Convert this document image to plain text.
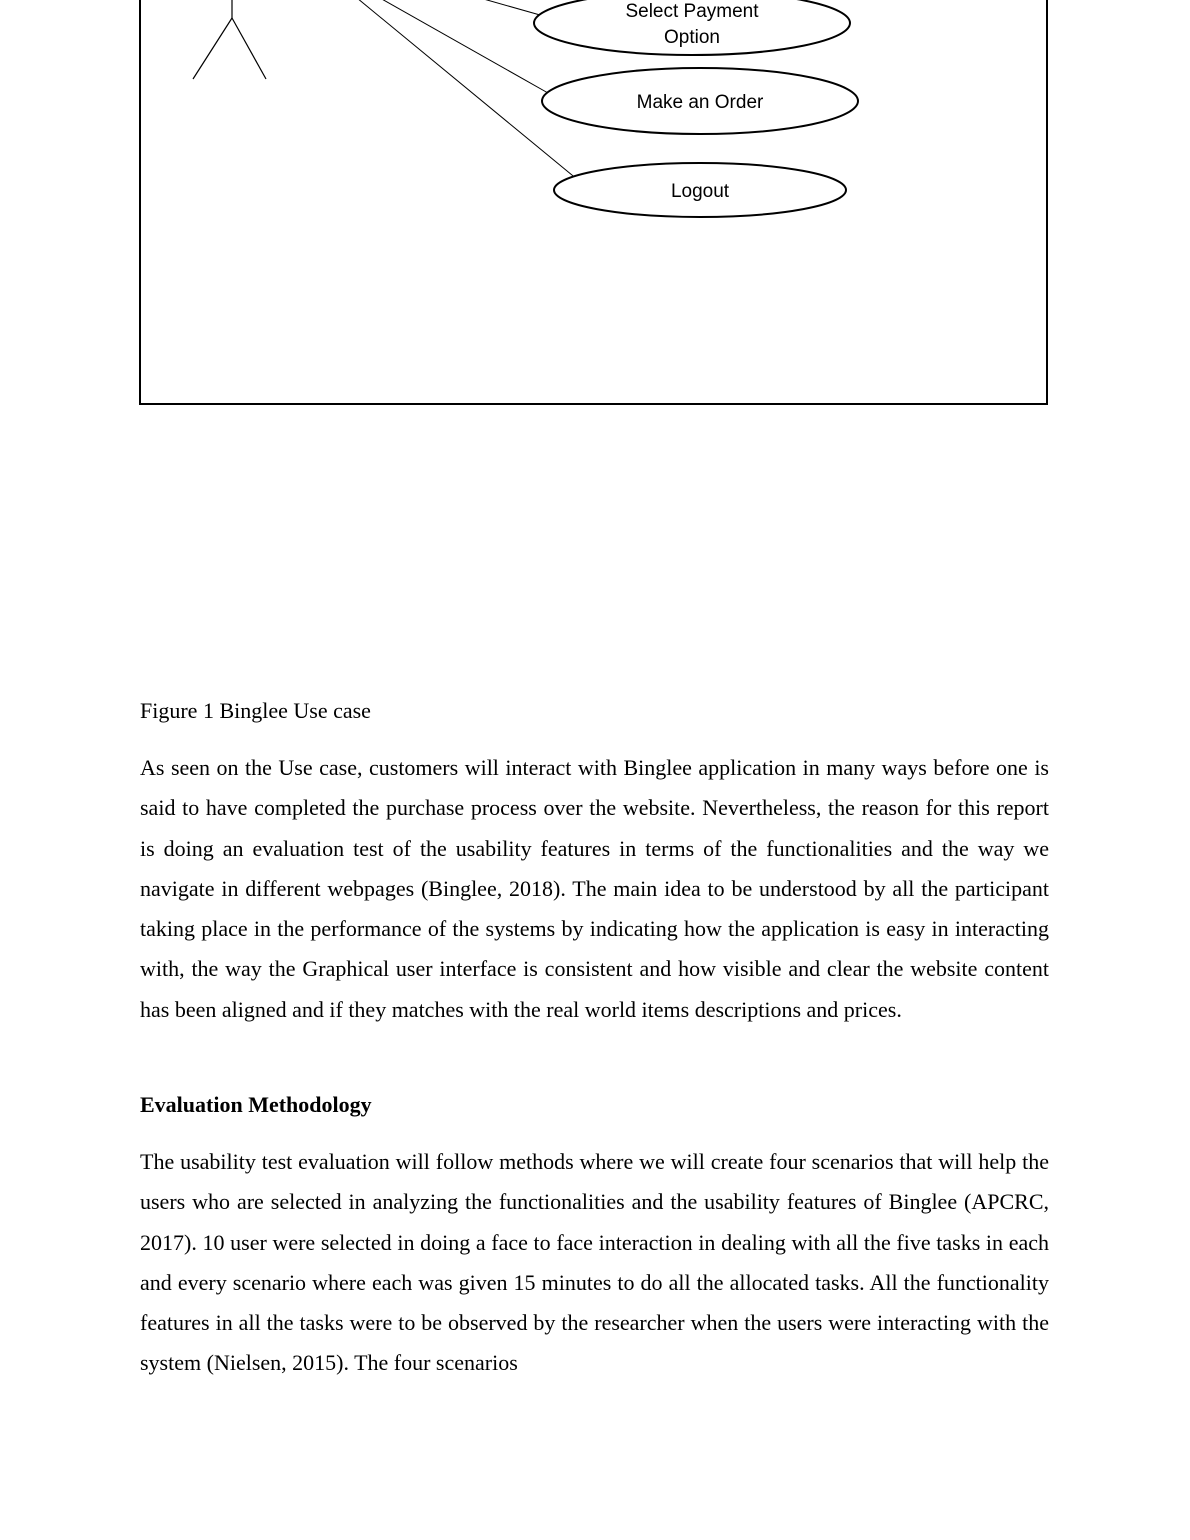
Select Payment
Option
Make an Order
Logout

Figure 1 Binglee Use case

As seen on the Use case, customers will interact with Binglee application in many ways before one is said to have completed the purchase process over the website. Nevertheless, the reason for this report is doing an evaluation test of the usability features in terms of the functionalities and the way we navigate in different webpages (Binglee, 2018). The main idea to be understood by all the participant taking place in the performance of the systems by indicating how the application is easy in interacting with, the way the Graphical user interface is consistent and how visible and clear the website content has been aligned and if they matches with the real world items descriptions and prices.

Evaluation Methodology

The usability test evaluation will follow methods where we will create four scenarios that will help the users who are selected in analyzing the functionalities and the usability features of Binglee (APCRC, 2017). 10 user were selected in doing a face to face interaction in dealing with all the five tasks in each and every scenario where each was given 15 minutes to do all the allocated tasks. All the functionality features in all the tasks were to be observed by the researcher when the users were interacting with the system (Nielsen, 2015). The four scenarios
